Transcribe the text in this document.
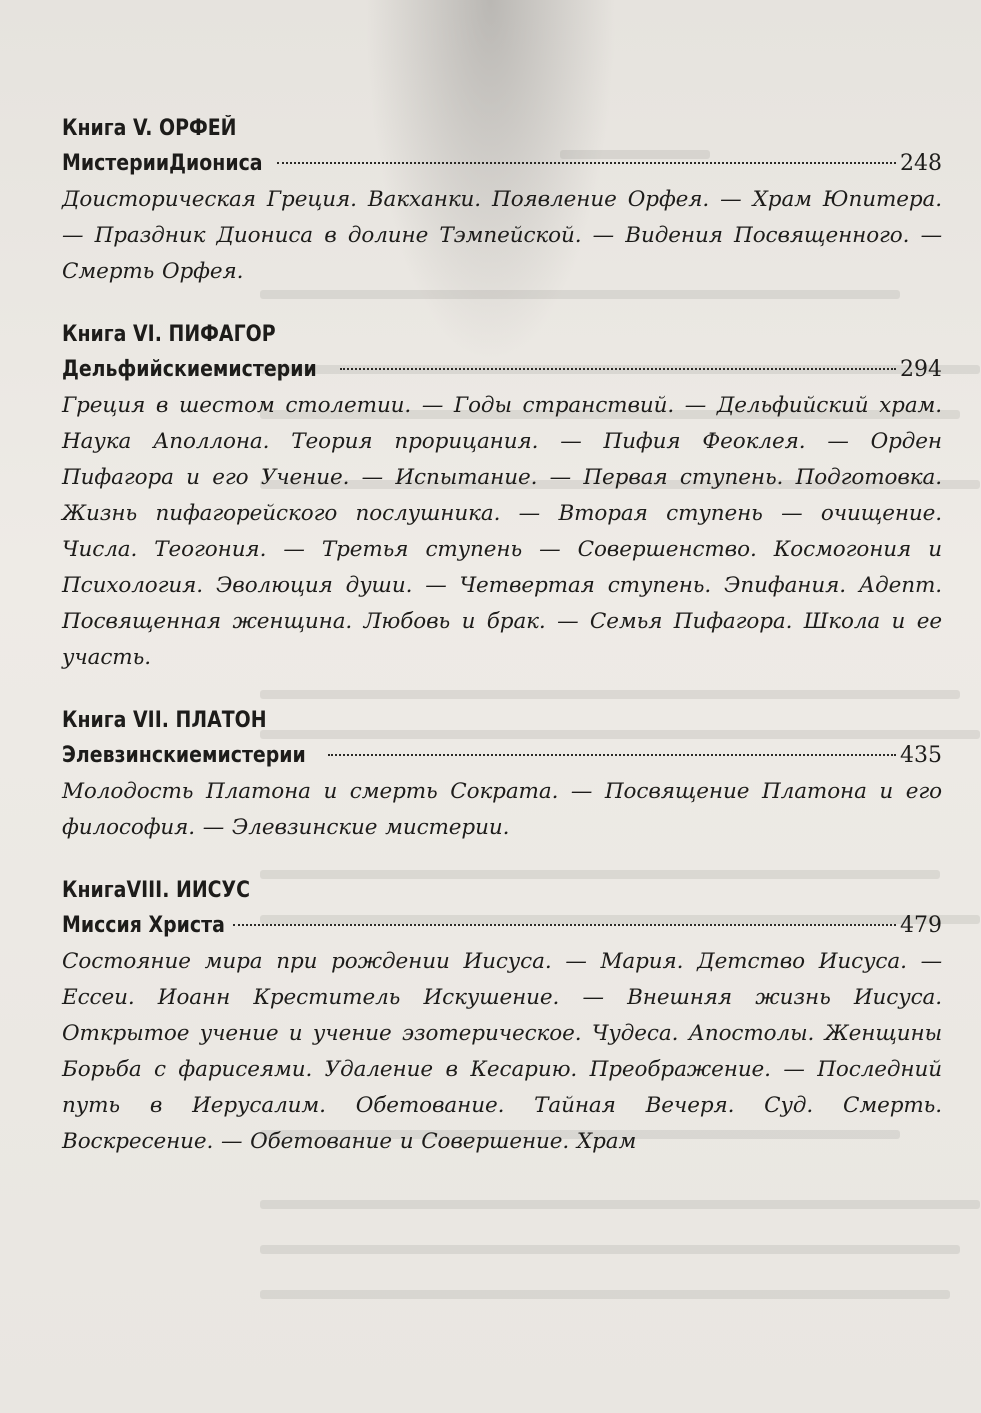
Книга V. ОРФЕЙ
МистерииДиониса	248
Доисторическая Греция. Вакханки. Появление Орфея. — Храм Юпитера. — Праздник Диониса в долине Тэмпейской. — Видения Посвященного. — Смерть Орфея.
Книга VI. ПИФАГОР
Дельфийскиемистерии	294
Греция в шестом столетии. — Годы странствий. — Дельфийский храм. Наука Аполлона. Теория прорицания. — Пифия Феоклея. — Орден Пифагора и его Учение. — Испытание. — Первая ступень. Подготовка. Жизнь пифагорейского послушника. — Вторая ступень — очищение. Числа. Теогония. — Третья ступень — Совершенство. Космогония и Психология. Эволюция души. — Четвертая ступень. Эпифания. Адепт. Посвященная женщина. Любовь и брак. — Семья Пифагора. Школа и ее участь.
Книга VII. ПЛАТОН
Элевзинскиемистерии	435
Молодость Платона и смерть Сократа. — Посвящение Платона и его философия. — Элевзинские мистерии.
КнигаVIII. ИИСУС
Миссия Христа	479
Состояние мира при рождении Иисуса. — Мария. Детство Иисуса. — Ессеи. Иоанн Креститель Искушение. — Внешняя жизнь Иисуса. Открытое учение и учение эзотерическое. Чудеса. Апостолы. Женщины Борьба с фарисеями. Удаление в Кесарию. Преображение. — Последний путь в Иерусалим. Обетование. Тайная Вечеря. Суд. Смерть. Воскресение. — Обетование и Совершение. Храм
